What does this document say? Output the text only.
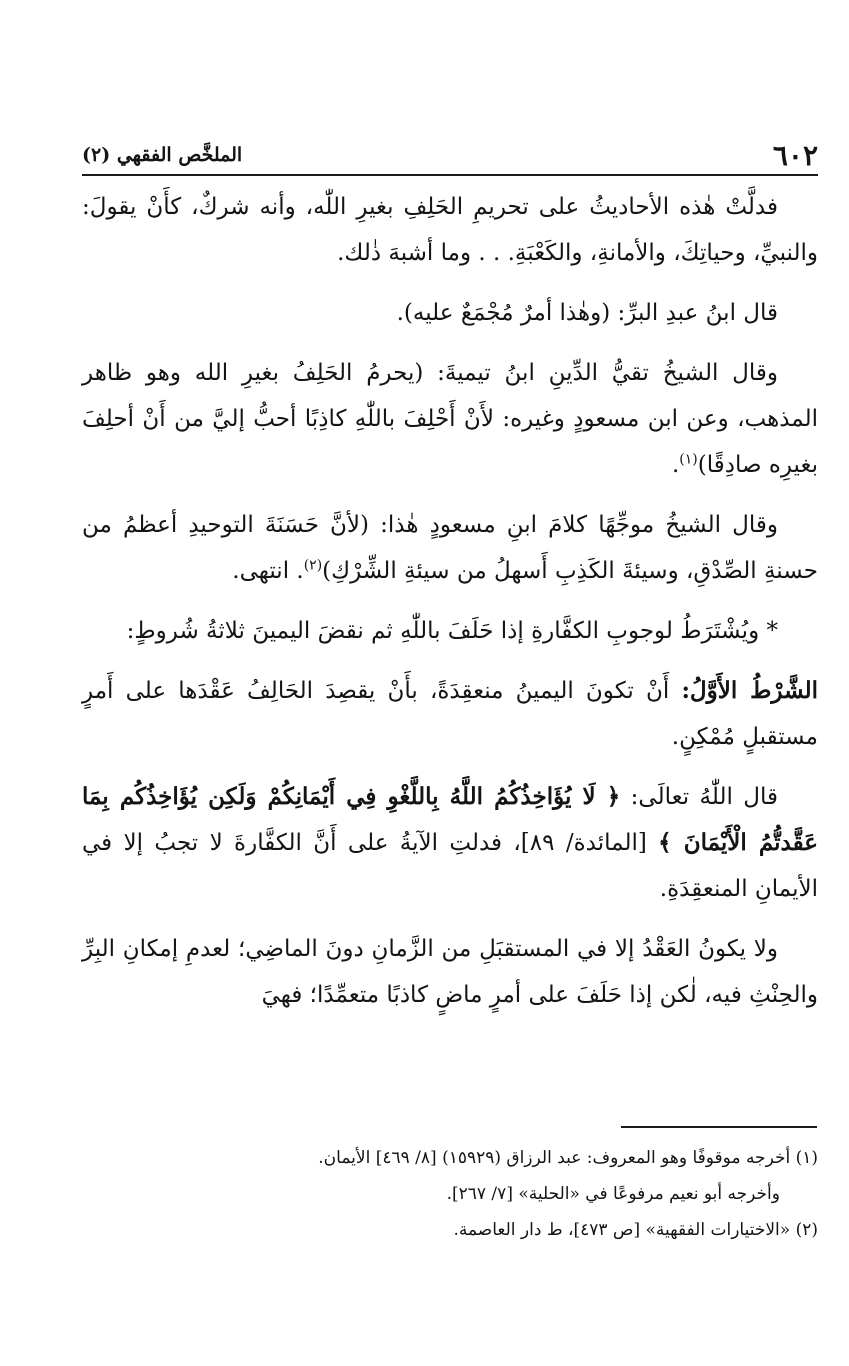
٦٠٢
الملخَّص الفقهي (٢)

فدلَّتْ هٰذه الأحاديثُ على تحريمِ الحَلِفِ بغيرِ اللّٰه، وأنه شركٌ، كأَنْ يقولَ: والنبيِّ، وحياتِكَ، والأمانةِ، والكَعْبَةِ. . . وما أشبهَ ذٰلك.

قال ابنُ عبدِ البرِّ: (وهٰذا أمرٌ مُجْمَعٌ عليه).

وقال الشيخُ تقيُّ الدِّينِ ابنُ تيميةَ: (يحرمُ الحَلِفُ بغيرِ الله وهو ظاهر المذهب، وعن ابن مسعودٍ وغيره: لأَنْ أَحْلِفَ باللّٰهِ كاذِبًا أحبُّ إليَّ من أَنْ أحلِفَ بغيرِه صادِقًا)$^{(١)}$.

وقال الشيخُ موجِّهًا كلامَ ابنِ مسعودٍ هٰذا: (لأنَّ حَسَنَةَ التوحيدِ أعظمُ من حسنةِ الصِّدْقِ، وسيئةَ الكَذِبِ أَسهلُ من سيئةِ الشِّرْكِ)$^{(٢)}$. انتهى.

* ويُشْتَرَطُ لوجوبِ الكفَّارةِ إذا حَلَفَ باللّٰهِ ثم نقضَ اليمينَ ثلاثةُ شُروطٍ:

الشَّرْطُ الأَوَّلُ: أَنْ تكونَ اليمينُ منعقِدَةً، بأَنْ يقصِدَ الحَالِفُ عَقْدَها على أَمرٍ مستقبلٍ مُمْكِنٍ.

قال اللّٰهُ تعالَى: ﴿ لَا يُؤَاخِذُكُمُ اللَّهُ بِاللَّغْوِ فِي أَيْمَانِكُمْ وَلَكِن يُؤَاخِذُكُم بِمَا عَقَّدتُّمُ الْأَيْمَانَ ﴾ [المائدة/ ٨٩]، فدلتِ الآيةُ على أَنَّ الكفَّارةَ لا تجبُ إلا في الأيمانِ المنعقِدَةِ.

ولا يكونُ العَقْدُ إلا في المستقبَلِ من الزَّمانِ دونَ الماضِي؛ لعدمِ إمكانِ البِرِّ والحِنْثِ فيه، لٰكن إذا حَلَفَ على أمرٍ ماضٍ كاذبًا متعمِّدًا؛ فهيَ

(١) أخرجه موقوفًا وهو المعروف: عبد الرزاق (١٥٩٢٩) [٨/ ٤٦٩] الأيمان.

وأخرجه أبو نعيم مرفوعًا في «الحلية» [٧/ ٢٦٧].

(٢) «الاختيارات الفقهية» [ص ٤٧٣]، ط دار العاصمة.
